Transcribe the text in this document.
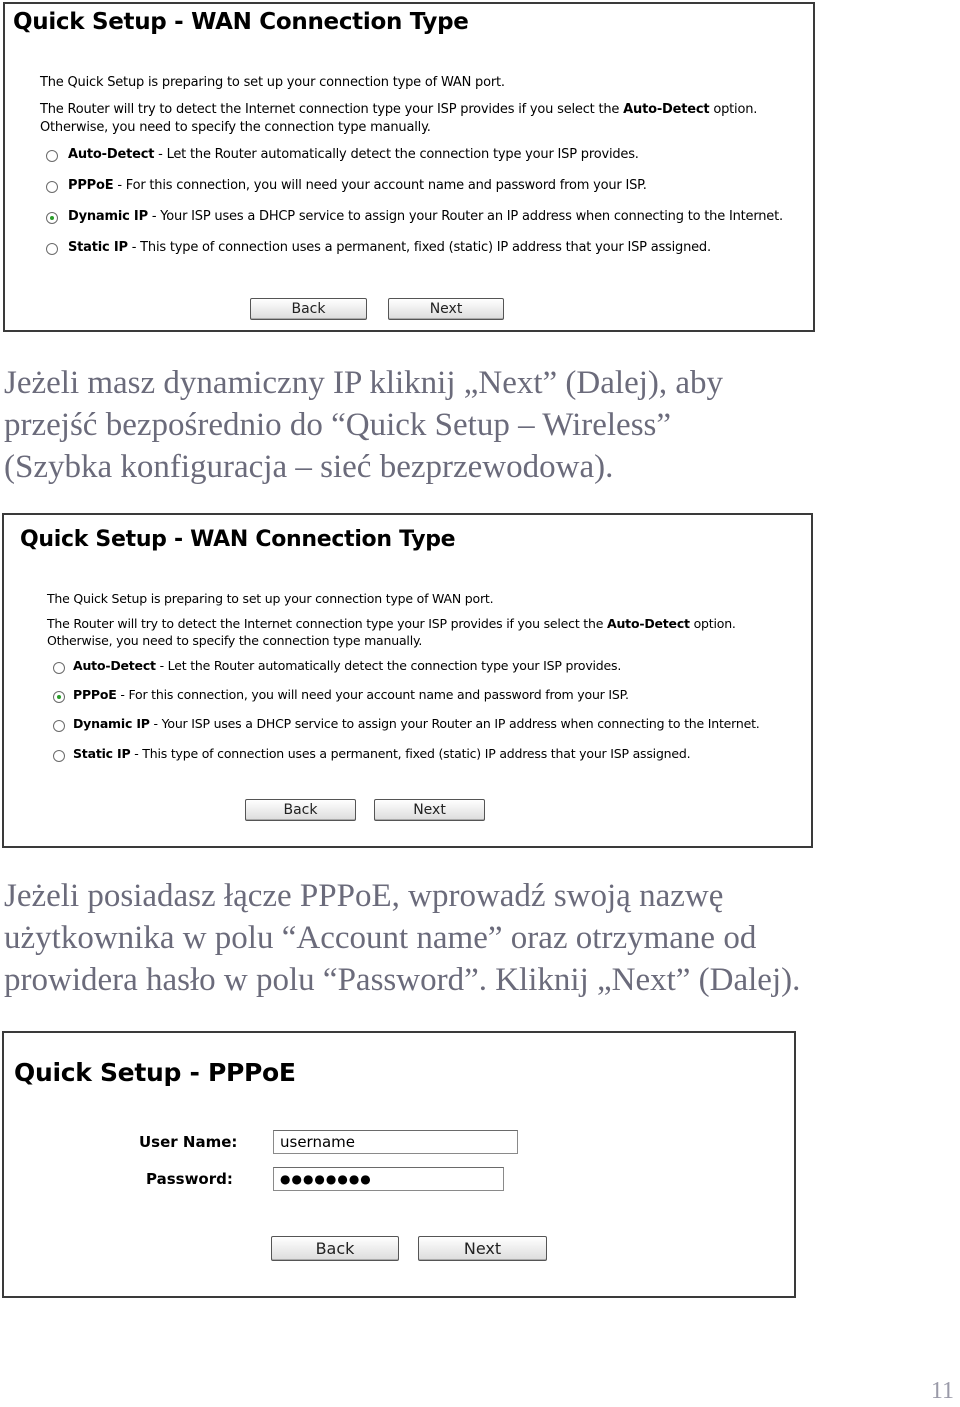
Quick Setup - WAN Connection Type
The Quick Setup is preparing to set up your connection type of WAN port.
The Router will try to detect the Internet connection type your ISP provides if you select the Auto-Detect option.
Otherwise, you need to specify the connection type manually.
Auto-Detect - Let the Router automatically detect the connection type your ISP provides.
PPPoE - For this connection, you will need your account name and password from your ISP.
Dynamic IP - Your ISP uses a DHCP service to assign your Router an IP address when connecting to the Internet.
Static IP - This type of connection uses a permanent, fixed (static) IP address that your ISP assigned.
Back	Next
Jeżeli masz dynamiczny IP kliknij „Next” (Dalej), aby
przejść bezpośrednio do “Quick Setup – Wireless”
(Szybka konfiguracja – sieć bezprzewodowa).
Quick Setup - WAN Connection Type
The Quick Setup is preparing to set up your connection type of WAN port.
The Router will try to detect the Internet connection type your ISP provides if you select the Auto-Detect option.
Otherwise, you need to specify the connection type manually.
Auto-Detect - Let the Router automatically detect the connection type your ISP provides.
PPPoE - For this connection, you will need your account name and password from your ISP.
Dynamic IP - Your ISP uses a DHCP service to assign your Router an IP address when connecting to the Internet.
Static IP - This type of connection uses a permanent, fixed (static) IP address that your ISP assigned.
Back	Next
Jeżeli posiadasz łącze PPPoE, wprowadź swoją nazwę
użytkownika w polu “Account name” oraz otrzymane od
prowidera hasło w polu “Password”. Kliknij „Next” (Dalej).
Quick Setup - PPPoE
User Name:	username
Password:	●●●●●●●●
Back	Next
11
